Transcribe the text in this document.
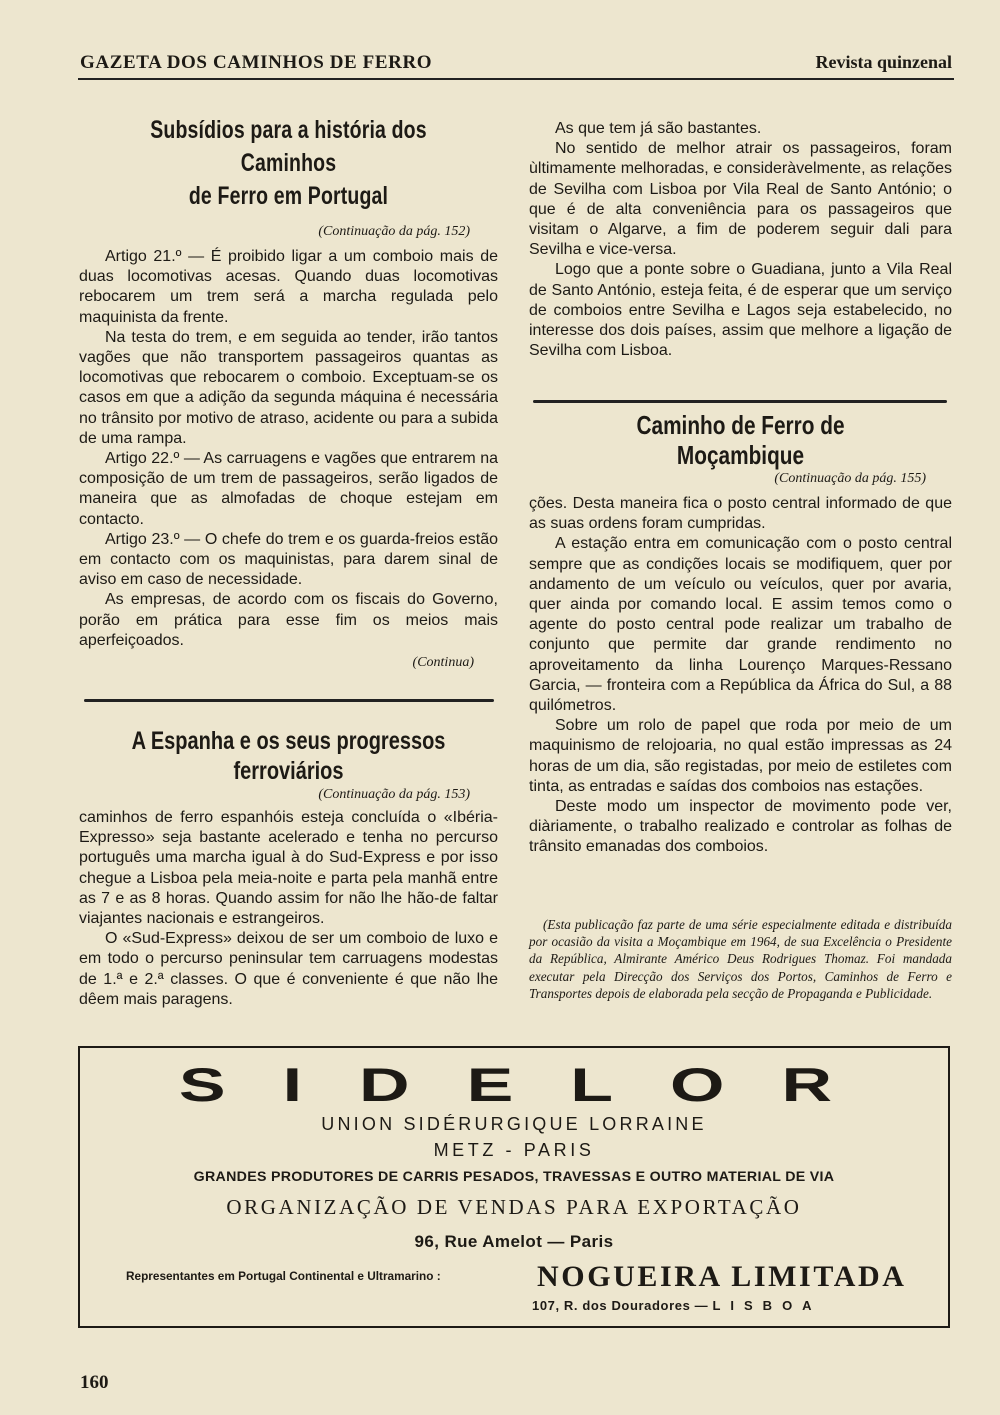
GAZETA DOS CAMINHOS DE FERRO	Revista quinzenal
Subsídios para a história dos Caminhos
de Ferro em Portugal
(Continuação da pág. 152)

Artigo 21.º — É proibido ligar a um comboio mais de duas locomotivas acesas. Quando duas locomotivas rebocarem um trem será a marcha regulada pelo maquinista da frente.

Na testa do trem, e em seguida ao tender, irão tantos vagões que não transportem passageiros quantas as locomotivas que rebocarem o comboio. Exceptuam-se os casos em que a adição da segunda máquina é necessária no trânsito por motivo de atraso, acidente ou para a subida de uma rampa.

Artigo 22.º — As carruagens e vagões que entrarem na composição de um trem de passageiros, serão ligados de maneira que as almofadas de choque estejam em contacto.

Artigo 23.º — O chefe do trem e os guarda-freios estão em contacto com os maquinistas, para darem sinal de aviso em caso de necessidade.

As empresas, de acordo com os fiscais do Governo, porão em prática para esse fim os meios mais aperfeiçoados.

(Continua)
A Espanha e os seus progressos ferroviários
(Continuação da pág. 153)

caminhos de ferro espanhóis esteja concluída o «Ibéria-Expresso» seja bastante acelerado e tenha no percurso português uma marcha igual à do Sud-Express e por isso chegue a Lisboa pela meia-noite e parta pela manhã entre as 7 e as 8 horas. Quando assim for não lhe hão-de faltar viajantes nacionais e estrangeiros.

O «Sud-Express» deixou de ser um comboio de luxo e em todo o percurso peninsular tem carruagens modestas de 1.ª e 2.ª classes. O que é conveniente é que não lhe dêem mais paragens.

As que tem já são bastantes.

No sentido de melhor atrair os passageiros, foram ùltimamente melhoradas, e consideràvelmente, as relações de Sevilha com Lisboa por Vila Real de Santo António; o que é de alta conveniência para os passageiros que visitam o Algarve, a fim de poderem seguir dali para Sevilha e vice-versa.

Logo que a ponte sobre o Guadiana, junto a Vila Real de Santo António, esteja feita, é de esperar que um serviço de comboios entre Sevilha e Lagos seja estabelecido, no interesse dos dois países, assim que melhore a ligação de Sevilha com Lisboa.

Caminho de Ferro de Moçambique
(Continuação da pág. 155)

ções. Desta maneira fica o posto central informado de que as suas ordens foram cumpridas.

A estação entra em comunicação com o posto central sempre que as condições locais se modifiquem, quer por andamento de um veículo ou veículos, quer por avaria, quer ainda por comando local. E assim temos como o agente do posto central pode realizar um trabalho de conjunto que permite dar grande rendimento no aproveitamento da linha Lourenço Marques-Ressano Garcia, — fronteira com a República da África do Sul, a 88 quilómetros.

Sobre um rolo de papel que roda por meio de um maquinismo de relojoaria, no qual estão impressas as 24 horas de um dia, são registadas, por meio de estiletes com tinta, as entradas e saídas dos comboios nas estações.

Deste modo um inspector de movimento pode ver, diàriamente, o trabalho realizado e controlar as folhas de trânsito emanadas dos comboios.

(Esta publicação faz parte de uma série especialmente editada e distribuída por ocasião da visita a Moçambique em 1964, de sua Excelência o Presidente da República, Almirante Américo Deus Rodrigues Thomaz. Foi mandada executar pela Direcção dos Serviços dos Portos, Caminhos de Ferro e Transportes depois de elaborada pela secção de Propaganda e Publicidade.

SIDELOR
UNION SIDÉRURGIQUE LORRAINE
METZ - PARIS
GRANDES PRODUTORES DE CARRIS PESADOS, TRAVESSAS E OUTRO MATERIAL DE VIA
ORGANIZAÇÃO DE VENDAS PARA EXPORTAÇÃO
96, Rue Amelot — Paris
Representantes em Portugal Continental e Ultramarino :	NOGUEIRA LIMITADA
107, R. dos Douradores — LISBOA
160
